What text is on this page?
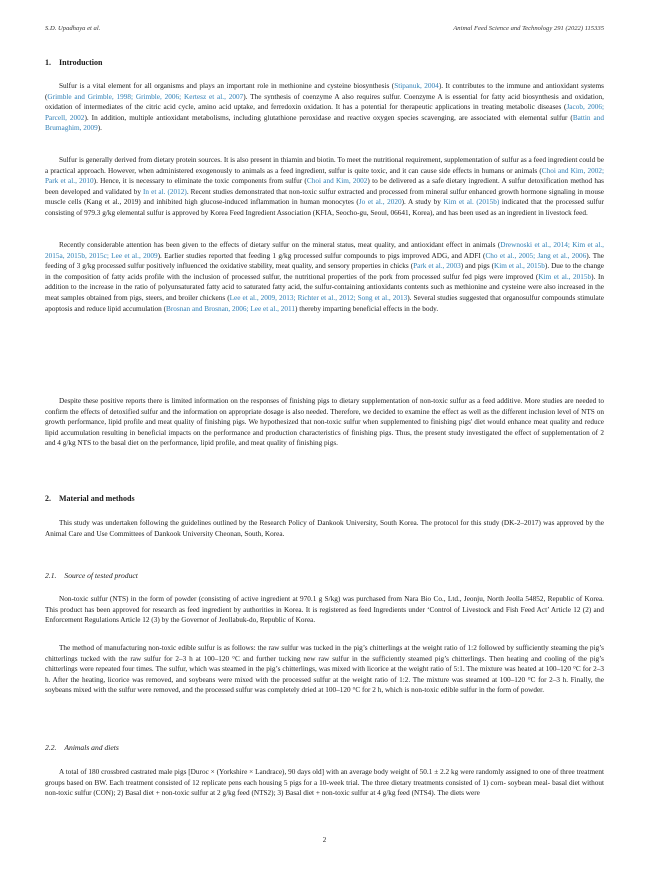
S.D. Upadhaya et al.	Animal Feed Science and Technology 291 (2022) 115335
1. Introduction

Sulfur is a vital element for all organisms and plays an important role in methionine and cysteine biosynthesis (Stipanuk, 2004). It contributes to the immune and antioxidant systems (Grimble and Grimble, 1998; Grimble, 2006; Kertesz et al., 2007). The synthesis of coenzyme A also requires sulfur. Coenzyme A is essential for fatty acid biosynthesis and oxidation, oxidation of intermediates of the citric acid cycle, amino acid uptake, and ferredoxin oxidation. It has a potential for therapeutic applications in treating metabolic diseases (Jacob, 2006; Parcell, 2002). In addition, multiple antioxidant metabolisms, including glutathione peroxidase and reactive oxygen species scavenging, are associated with elemental sulfur (Battin and Brumaghim, 2009).

Sulfur is generally derived from dietary protein sources. It is also present in thiamin and biotin. To meet the nutritional requirement, supplementation of sulfur as a feed ingredient could be a practical approach. However, when administered exogenously to animals as a feed ingredient, sulfur is quite toxic, and it can cause side effects in humans or animals (Choi and Kim, 2002; Park et al., 2010). Hence, it is necessary to eliminate the toxic components from sulfur (Choi and Kim, 2002) to be delivered as a safe dietary ingredient. A sulfur detoxification method has been developed and validated by In et al. (2012). Recent studies demonstrated that non-toxic sulfur extracted and processed from mineral sulfur enhanced growth hormone signaling in mouse muscle cells (Kang et al., 2019) and inhibited high glucose-induced inflammation in human monocytes (Jo et al., 2020). A study by Kim et al. (2015b) indicated that the processed sulfur consisting of 979.3 g/kg elemental sulfur is approved by Korea Feed Ingredient Association (KFIA, Seocho-gu, Seoul, 06641, Korea), and has been used as an ingredient in livestock feed.

Recently considerable attention has been given to the effects of dietary sulfur on the mineral status, meat quality, and antioxidant effect in animals (Drewnoski et al., 2014; Kim et al., 2015a, 2015b, 2015c; Lee et al., 2009). Earlier studies reported that feeding 1 g/kg processed sulfur compounds to pigs improved ADG, and ADFI (Cho et al., 2005; Jang et al., 2006). The feeding of 3 g/kg processed sulfur positively influenced the oxidative stability, meat quality, and sensory properties in chicks (Park et al., 2003) and pigs (Kim et al., 2015b). Due to the change in the composition of fatty acids profile with the inclusion of processed sulfur, the nutritional properties of the pork from processed sulfur fed pigs were improved (Kim et al., 2015b). In addition to the increase in the ratio of polyunsaturated fatty acid to saturated fatty acid, the sulfur-containing antioxidants contents such as methionine and cysteine were also increased in the meat samples obtained from pigs, steers, and broiler chickens (Lee et al., 2009, 2013; Richter et al., 2012; Song et al., 2013). Several studies suggested that organosulfur compounds stimulate apoptosis and reduce lipid accumulation (Brosnan and Brosnan, 2006; Lee et al., 2011) thereby imparting beneficial effects in the body.

Despite these positive reports there is limited information on the responses of finishing pigs to dietary supplementation of non-toxic sulfur as a feed additive. More studies are needed to confirm the effects of detoxified sulfur and the information on appropriate dosage is also needed. Therefore, we decided to examine the effect as well as the different inclusion level of NTS on growth performance, lipid profile and meat quality of finishing pigs. We hypothesized that non-toxic sulfur when supplemented to finishing pigs' diet would enhance meat quality and reduce lipid accumulation resulting in beneficial impacts on the performance and production characteristics of finishing pigs. Thus, the present study investigated the effect of supplementation of 2 and 4 g/kg NTS to the basal diet on the performance, lipid profile, and meat quality of finishing pigs.

2. Material and methods

This study was undertaken following the guidelines outlined by the Research Policy of Dankook University, South Korea. The protocol for this study (DK-2–2017) was approved by the Animal Care and Use Committees of Dankook University Cheonan, South, Korea.

2.1. Source of tested product

Non-toxic sulfur (NTS) in the form of powder (consisting of active ingredient at 970.1 g S/kg) was purchased from Nara Bio Co., Ltd., Jeonju, North Jeolla 54852, Republic of Korea. This product has been approved for research as feed ingredient by authorities in Korea. It is registered as feed Ingredients under ‘Control of Livestock and Fish Feed Act’ Article 12 (2) and Enforcement Regulations Article 12 (3) by the Governor of Jeollabuk-do, Republic of Korea.

The method of manufacturing non-toxic edible sulfur is as follows: the raw sulfur was tucked in the pig’s chitterlings at the weight ratio of 1:2 followed by sufficiently steaming the pig’s chitterlings tucked with the raw sulfur for 2–3 h at 100–120 °C and further tucking new raw sulfur in the sufficiently steamed pig’s chitterlings. Then heating and cooling of the pig’s chitterlings were repeated four times. The sulfur, which was steamed in the pig’s chitterlings, was mixed with licorice at the weight ratio of 5:1. The mixture was heated at 100–120 °C for 2–3 h. After the heating, licorice was removed, and soybeans were mixed with the processed sulfur at the weight ratio of 1:2. The mixture was steamed at 100–120 °C for 2–3 h. Finally, the soybeans mixed with the sulfur were removed, and the processed sulfur was completely dried at 100–120 °C for 2 h, which is non-toxic edible sulfur in the form of powder.

2.2. Animals and diets

A total of 180 crossbred castrated male pigs [Duroc × (Yorkshire × Landrace), 90 days old] with an average body weight of 50.1 ± 2.2 kg were randomly assigned to one of three treatment groups based on BW. Each treatment consisted of 12 replicate pens each housing 5 pigs for a 10-week trial. The three dietary treatments consisted of 1) corn- soybean meal- basal diet without non-toxic sulfur (CON); 2) Basal diet + non-toxic sulfur at 2 g/kg feed (NTS2); 3) Basal diet + non-toxic sulfur at 4 g/kg feed (NTS4). The diets were

2
